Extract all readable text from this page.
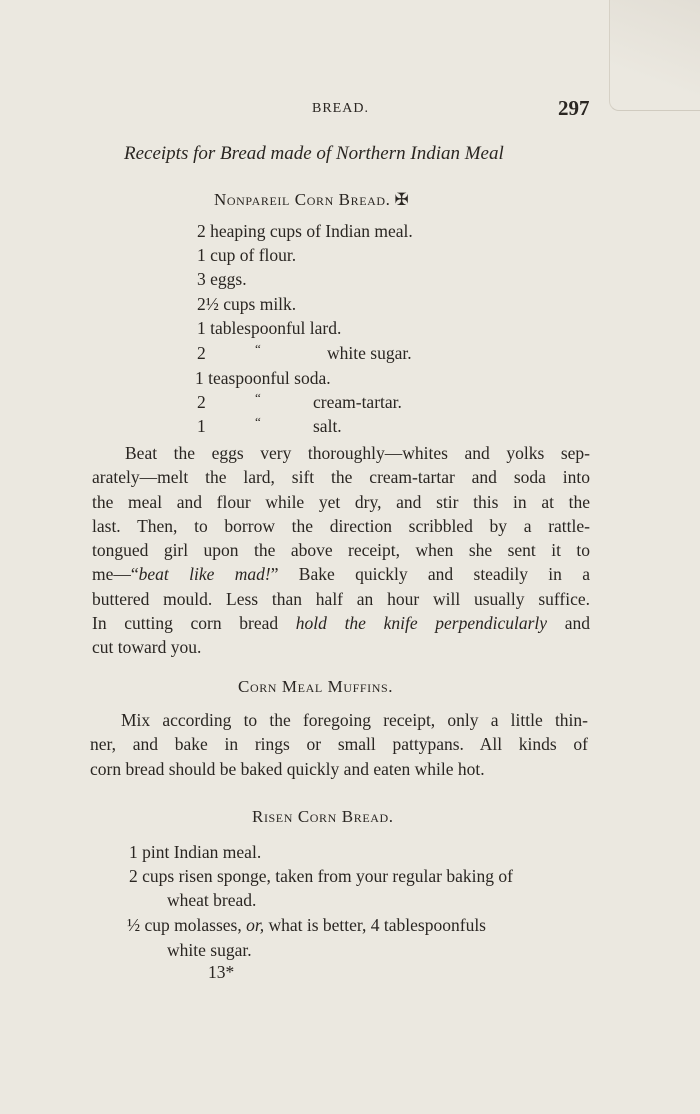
BREAD.	297
Receipts for Bread made of Northern Indian Meal
Nonpareil Corn Bread. ✠
2 heaping cups of Indian meal.
1 cup of flour.
3 eggs.
2½ cups milk.
1 tablespoonful lard.
2	“	white sugar.
1 teaspoonful soda.
2	“	cream-tartar.
1	“	salt.
Beat the eggs very thoroughly—whites and yolks sep-
arately—melt the lard, sift the cream-tartar and soda into
the meal and flour while yet dry, and stir this in at the
last. Then, to borrow the direction scribbled by a rattle-
tongued girl upon the above receipt, when she sent it to
me—“beat like mad!” Bake quickly and steadily in a
buttered mould. Less than half an hour will usually suffice.
In cutting corn bread hold the knife perpendicularly and
cut toward you.
Corn Meal Muffins.
Mix according to the foregoing receipt, only a little thin-
ner, and bake in rings or small pattypans. All kinds of
corn bread should be baked quickly and eaten while hot.
Risen Corn Bread.
1 pint Indian meal.
2 cups risen sponge, taken from your regular baking of
wheat bread.
½ cup molasses, or, what is better, 4 tablespoonfuls
white sugar.
13*
